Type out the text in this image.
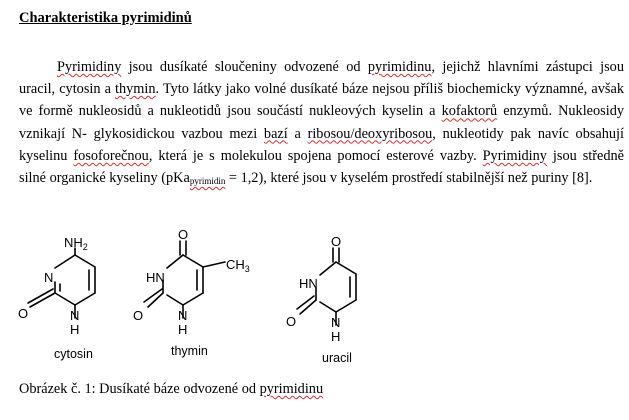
Charakteristika pyrimidinů

Pyrimidiny jsou dusíkaté sloučeniny odvozené od pyrimidinu, jejichž hlavními zástupci jsou uracil, cytosin a thymin. Tyto látky jako volné dusíkaté báze nejsou příliš biochemicky významné, avšak ve formě nukleosidů a nukleotidů jsou součástí nukleových kyselin a kofaktorů enzymů. Nukleosidy vznikají N- glykosidickou vazbou mezi bazí a ribosou/deoxyribosou, nukleotidy pak navíc obsahují kyselinu fosoforečnou, která je s molekulou spojena pomocí esterové vazby. Pyrimidiny jsou středně silné organické kyseliny (pKa$_{pyrimidin}$ = 1,2), které jsou v kyselém prostředí stabilnější než puriny [8].

$NH_2$
N
O	N
H
cytosin
O
HN
$CH_3$
O	N
H
thymin
O
HN
O	N
H
uracil

Obrázek č. 1: Dusíkaté báze odvozené od pyrimidinu
